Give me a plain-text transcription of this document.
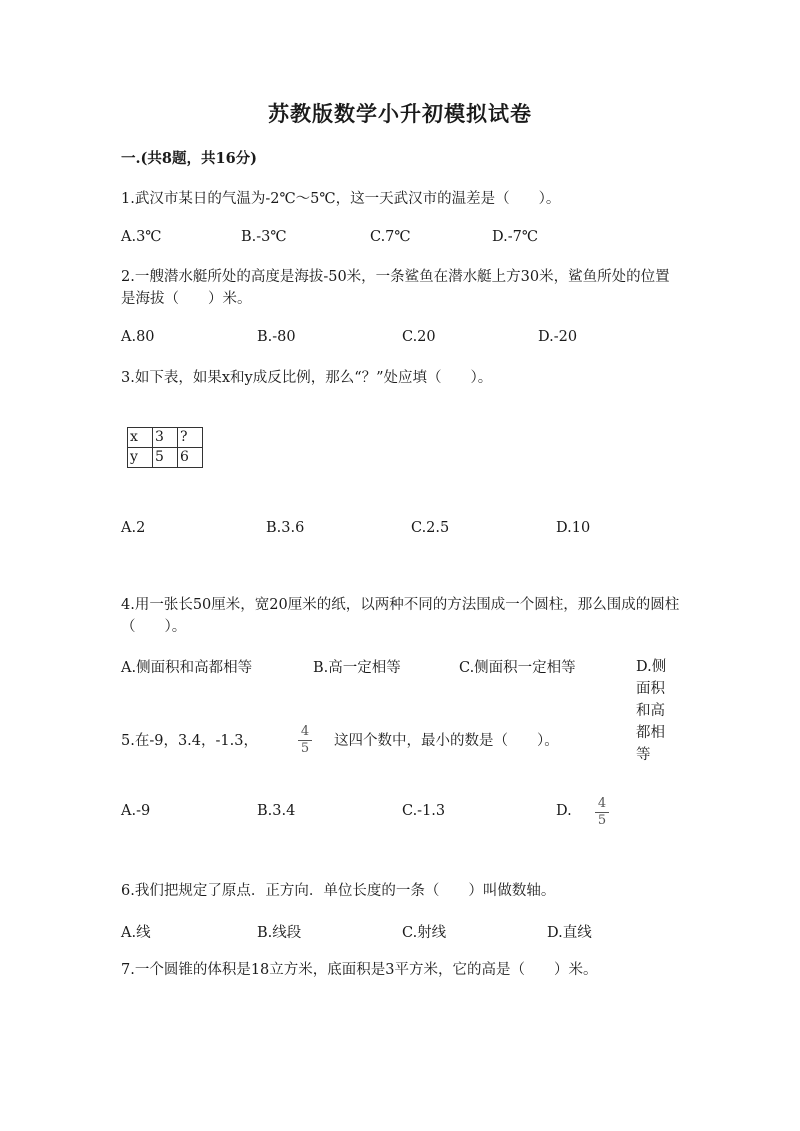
苏教版数学小升初模拟试卷
一.(共8题，共16分)
1.武汉市某日的气温为-2℃～5℃，这一天武汉市的温差是（　　）。
A.3℃	B.-3℃	C.7℃	D.-7℃
2.一艘潜水艇所处的高度是海拔-50米，一条鲨鱼在潜水艇上方30米，鲨鱼所处的位置是海拔（　　）米。
A.80	B.-80	C.20	D.-20
3.如下表，如果x和y成反比例，那么“？”处应填（　　）。
x	3	?
y	5	6
A.2	B.3.6	C.2.5	D.10
4.用一张长50厘米，宽20厘米的纸，以两种不同的方法围成一个圆柱，那么围成的圆柱（　　）。
A.侧面积和高都相等	B.高一定相等	C.侧面积一定相等	D.侧面积和高都相等
5.在-9，3.4，-1.3，
4
5 这四个数中，最小的数是（　　）。
A.-9	B.3.4	C.-1.3	D. 4
5
6.我们把规定了原点．正方向．单位长度的一条（　　）叫做数轴。
A.线	B.线段	C.射线	D.直线
7.一个圆锥的体积是18立方米，底面积是3平方米，它的高是（　　）米。
